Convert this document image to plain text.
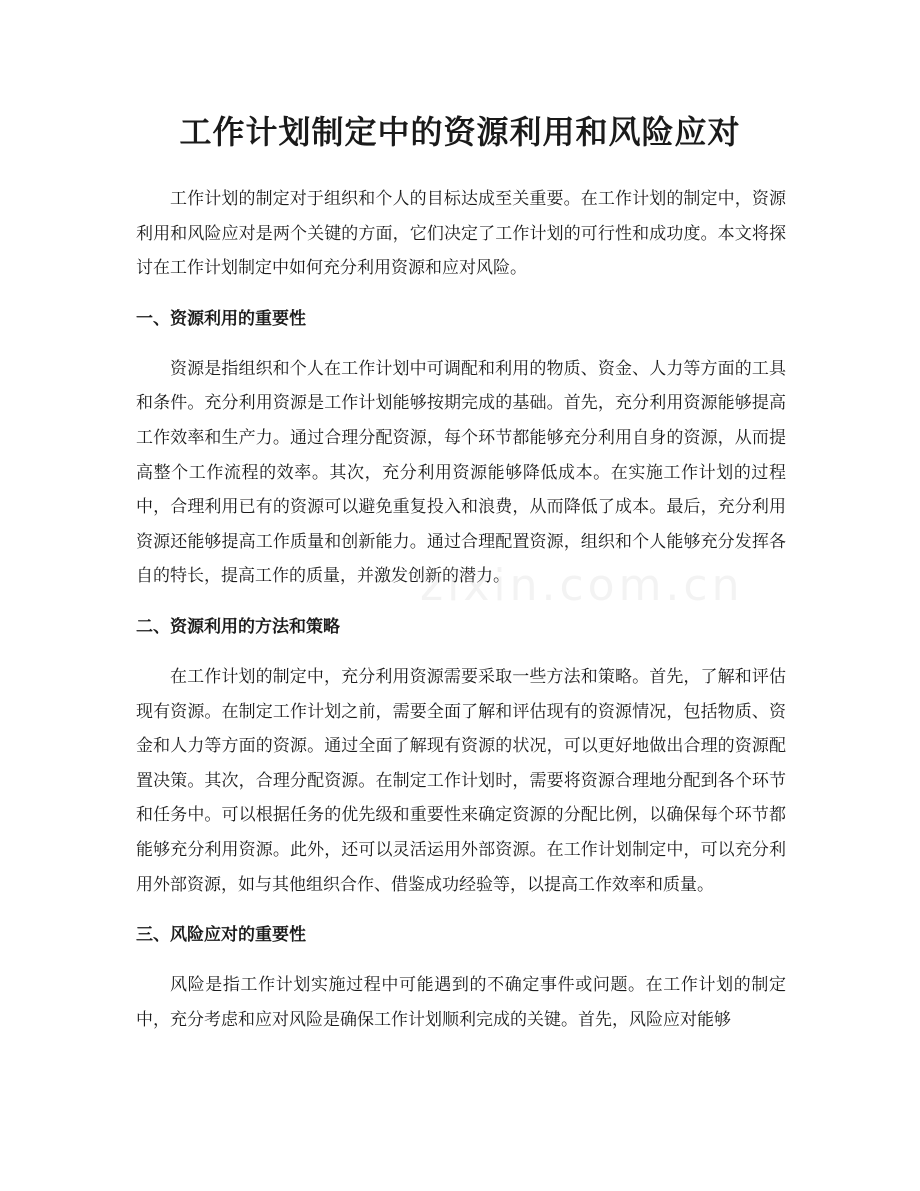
工作计划制定中的资源利用和风险应对

工作计划的制定对于组织和个人的目标达成至关重要。在工作计划的制定中，资源利用和风险应对是两个关键的方面，它们决定了工作计划的可行性和成功度。本文将探讨在工作计划制定中如何充分利用资源和应对风险。

一、资源利用的重要性

资源是指组织和个人在工作计划中可调配和利用的物质、资金、人力等方面的工具和条件。充分利用资源是工作计划能够按期完成的基础。首先，充分利用资源能够提高工作效率和生产力。通过合理分配资源，每个环节都能够充分利用自身的资源，从而提高整个工作流程的效率。其次，充分利用资源能够降低成本。在实施工作计划的过程中，合理利用已有的资源可以避免重复投入和浪费，从而降低了成本。最后，充分利用资源还能够提高工作质量和创新能力。通过合理配置资源，组织和个人能够充分发挥各自的特长，提高工作的质量，并激发创新的潜力。

二、资源利用的方法和策略

在工作计划的制定中，充分利用资源需要采取一些方法和策略。首先，了解和评估现有资源。在制定工作计划之前，需要全面了解和评估现有的资源情况，包括物质、资金和人力等方面的资源。通过全面了解现有资源的状况，可以更好地做出合理的资源配置决策。其次，合理分配资源。在制定工作计划时，需要将资源合理地分配到各个环节和任务中。可以根据任务的优先级和重要性来确定资源的分配比例，以确保每个环节都能够充分利用资源。此外，还可以灵活运用外部资源。在工作计划制定中，可以充分利用外部资源，如与其他组织合作、借鉴成功经验等，以提高工作效率和质量。

三、风险应对的重要性

风险是指工作计划实施过程中可能遇到的不确定事件或问题。在工作计划的制定中，充分考虑和应对风险是确保工作计划顺利完成的关键。首先，风险应对能够

zixin.com.cn
